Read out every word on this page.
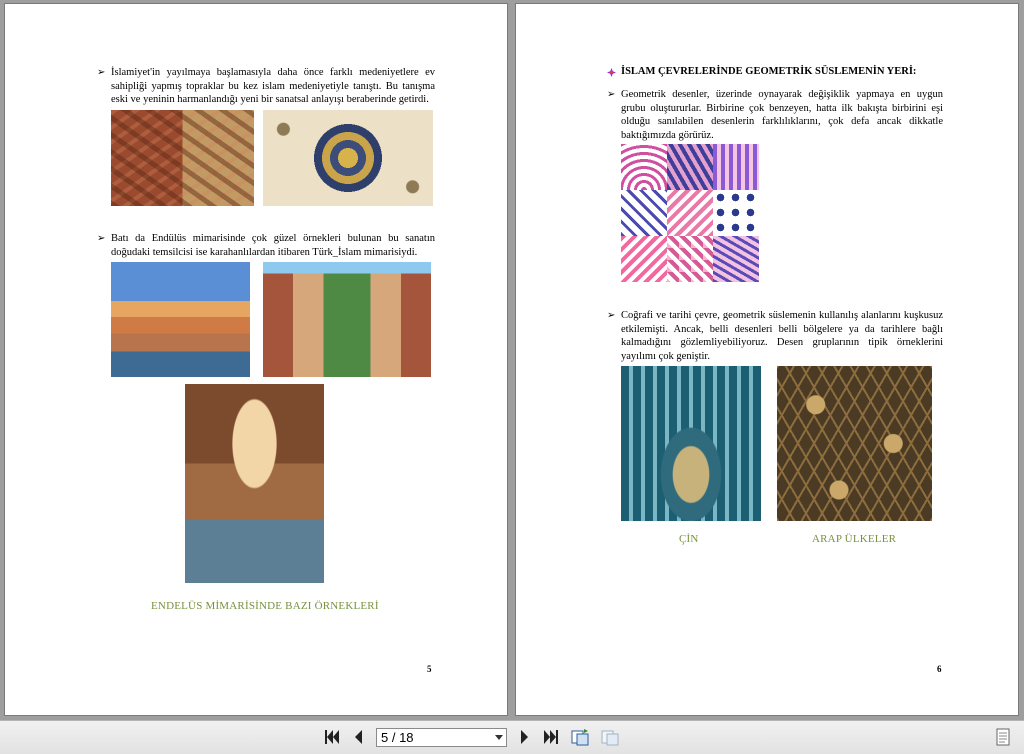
➢ İslamiyet'in yayılmaya başlamasıyla daha önce farklı medeniyetlere ev sahipliği yapmış topraklar bu kez islam medeniyetiyle tanıştı. Bu tanışma eski ve yeninin harmanlandığı yeni bir sanatsal anlayışı beraberinde getirdi.
➢ Batı da Endülüs mimarisinde çok güzel örnekleri bulunan bu sanatın doğudaki temsilcisi ise karahanlılardan itibaren Türk_İslam mimarisiydi.
ENDELÜS MİMARİSİNDE BAZI ÖRNEKLERİ
5
İSLAM ÇEVRELERİNDE GEOMETRİK SÜSLEMENİN YERİ:
➢ Geometrik desenler, üzerinde oynayarak değişiklik yapmaya en uygun grubu oluştururlar. Birbirine çok benzeyen, hatta ilk bakışta birbirini eşi olduğu sanılabilen desenlerin farklılıklarını, çok defa ancak dikkatle baktığımızda görürüz.
➢ Coğrafi ve tarihi çevre, geometrik süslemenin kullanılış alanlarını kuşkusuz etkilemişti. Ancak, belli desenleri belli bölgelere ya da tarihlere bağlı kalmadığını gözlemliyebiliyoruz. Desen gruplarının tipik örneklerini yayılımı çok geniştir.
ÇİN	ARAP ÜLKELER
6
5 / 18
